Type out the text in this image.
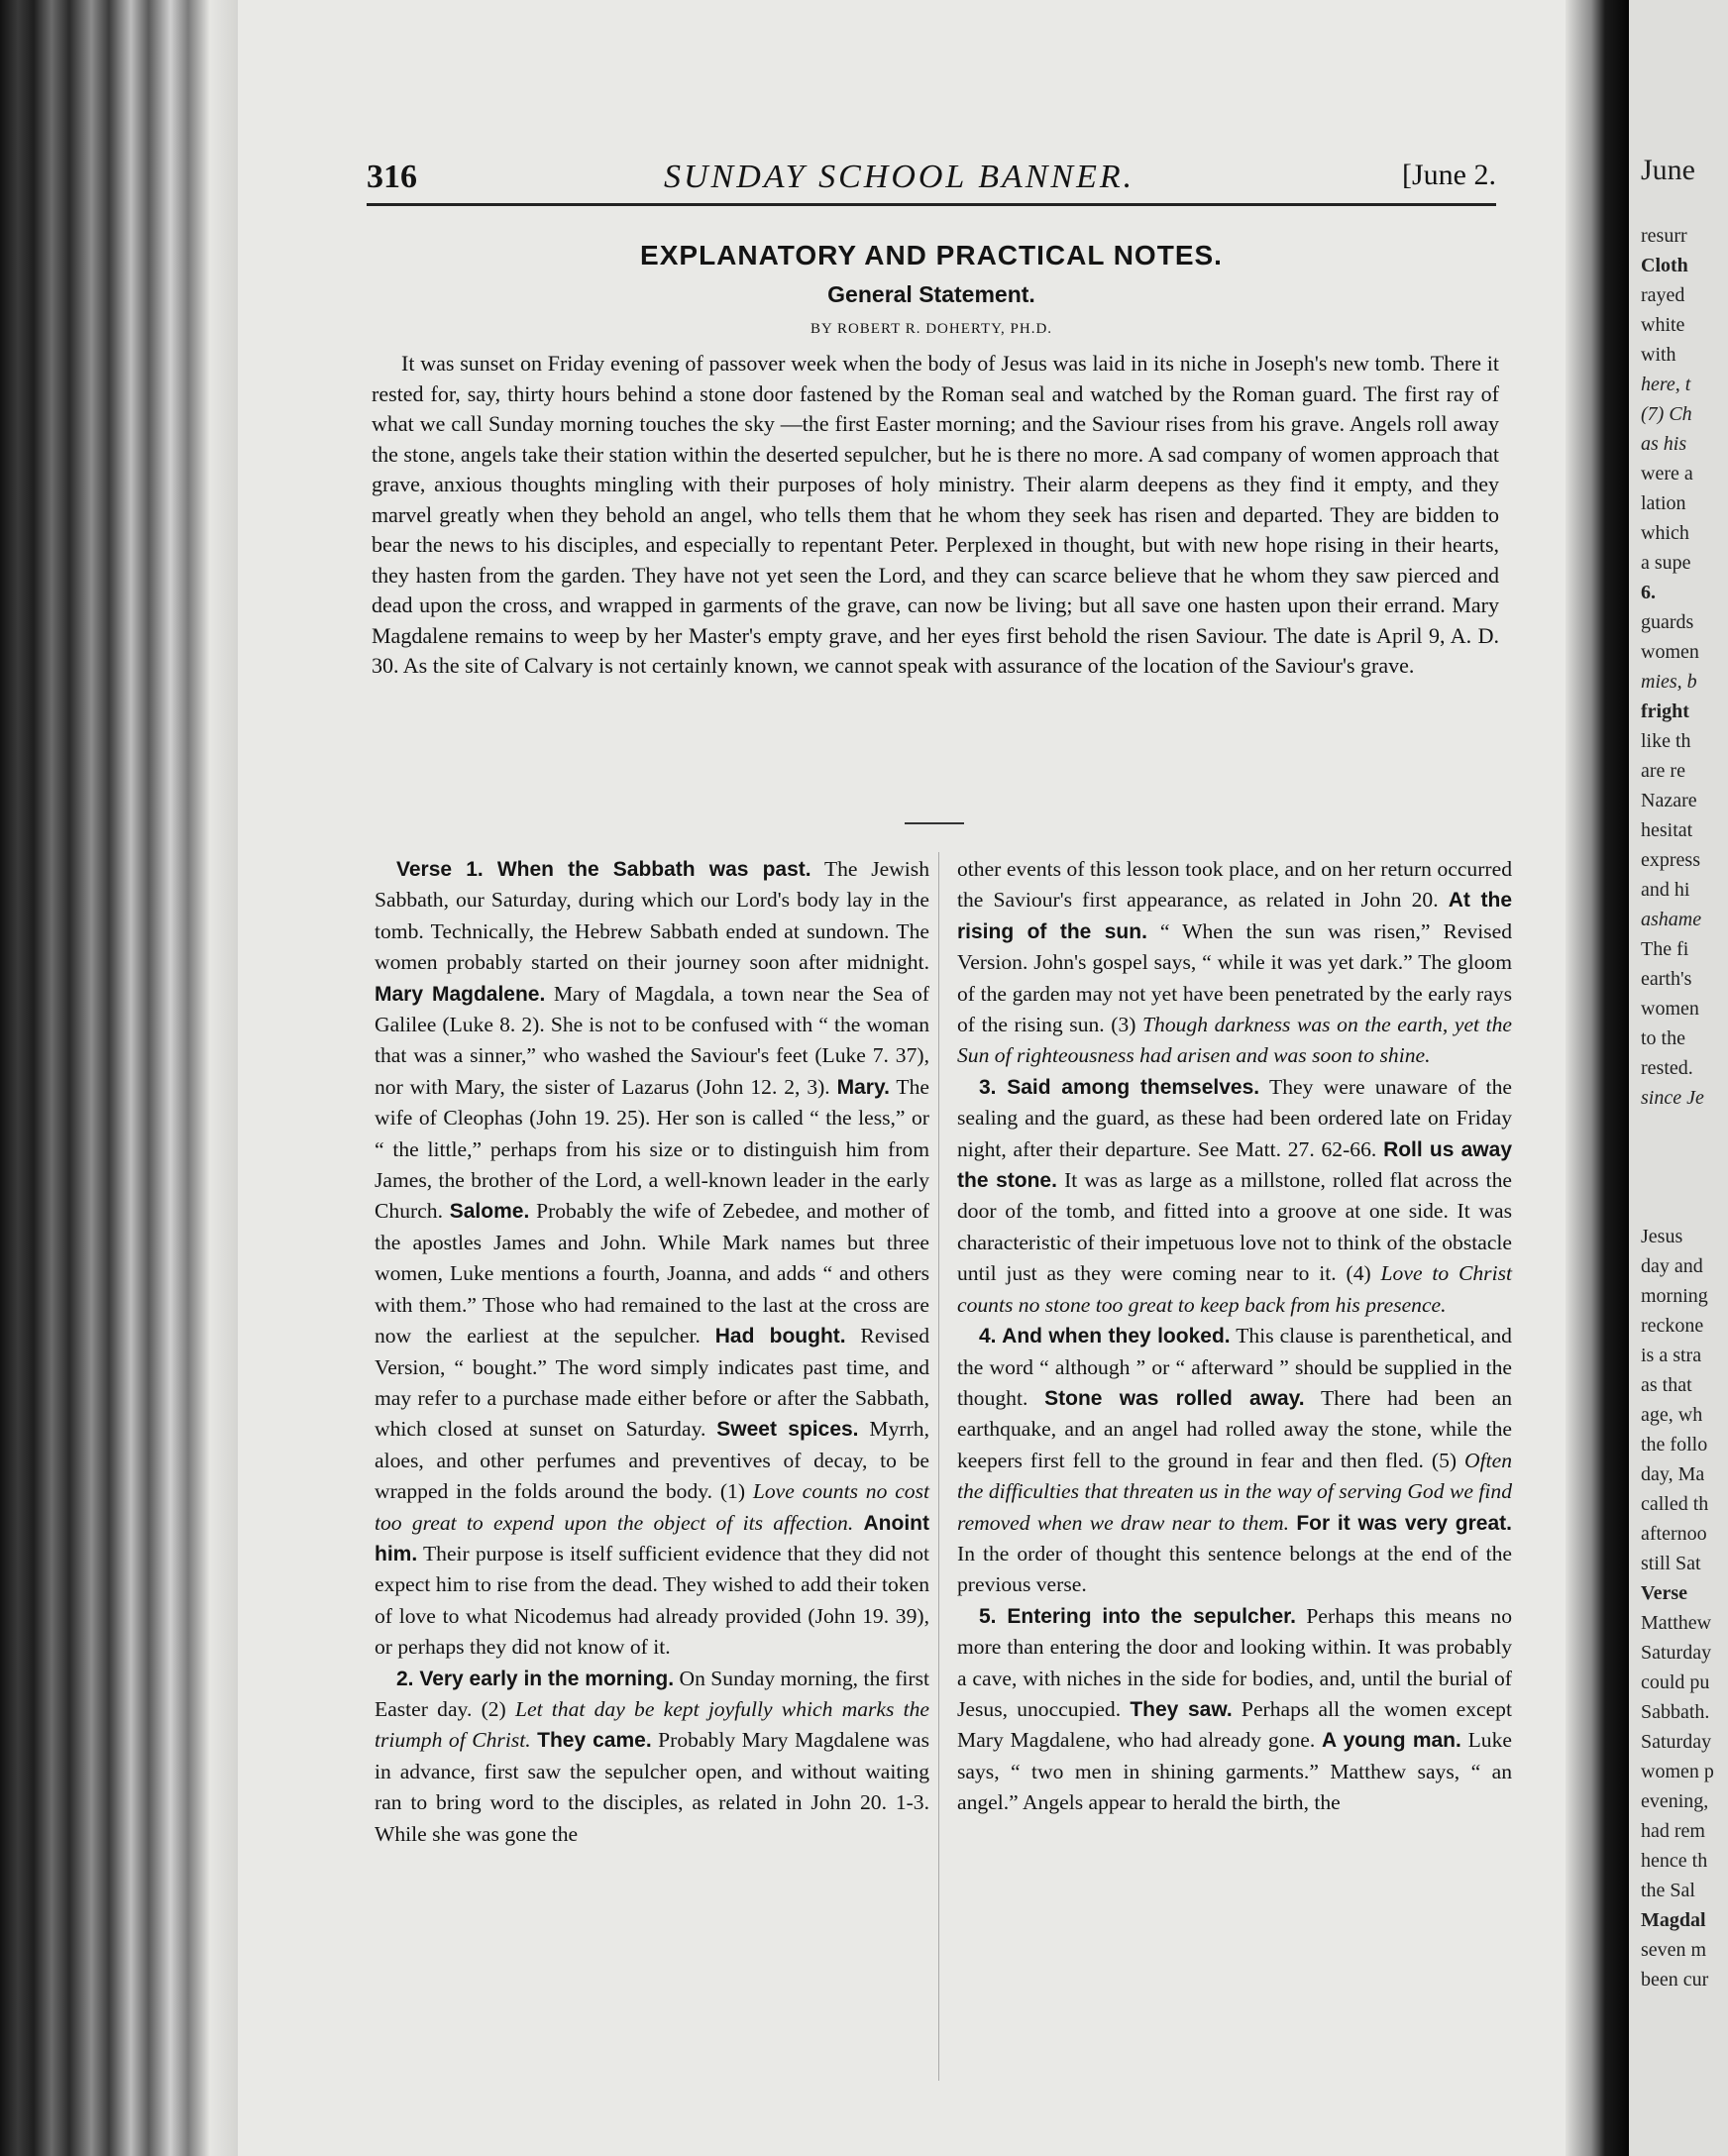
June
resurr
Cloth
rayed
white
with
here, t
(7) Ch
as his
were a
lation
which
a supe
6.
guards
women
mies, b
fright
like th
are re
Nazare
hesitat
express
and hi
ashame
The fi
earth's
women
to the
rested.
since Je
Jesus
day and
morning
reckone
is a stra
as that
age, wh
the follo
day, Ma
called th
afternoo
still Sat
Verse
Matthew
Saturday
could pu
Sabbath.
Saturday
women p
evening,
had rem
hence th
the Sal
Magdal
seven m
been cur
316	SUNDAY SCHOOL BANNER.	[June 2.
EXPLANATORY AND PRACTICAL NOTES.
General Statement.
BY ROBERT R. DOHERTY, PH.D.
It was sunset on Friday evening of passover week when the body of Jesus was laid in its niche in Joseph's new tomb. There it rested for, say, thirty hours behind a stone door fastened by the Roman seal and watched by the Roman guard. The first ray of what we call Sunday morning touches the sky —the first Easter morning; and the Saviour rises from his grave. Angels roll away the stone, angels take their station within the deserted sepulcher, but he is there no more. A sad company of women approach that grave, anxious thoughts mingling with their purposes of holy ministry. Their alarm deepens as they find it empty, and they marvel greatly when they behold an angel, who tells them that he whom they seek has risen and departed. They are bidden to bear the news to his disciples, and especially to repentant Peter. Perplexed in thought, but with new hope rising in their hearts, they hasten from the garden. They have not yet seen the Lord, and they can scarce believe that he whom they saw pierced and dead upon the cross, and wrapped in garments of the grave, can now be living; but all save one hasten upon their errand. Mary Magdalene remains to weep by her Master's empty grave, and her eyes first behold the risen Saviour. The date is April 9, A. D. 30. As the site of Calvary is not certainly known, we cannot speak with assurance of the location of the Saviour's grave.

Verse 1. When the Sabbath was past. The Jewish Sabbath, our Saturday, during which our Lord's body lay in the tomb. Technically, the Hebrew Sabbath ended at sundown. The women probably started on their journey soon after midnight. Mary Magdalene. Mary of Magdala, a town near the Sea of Galilee (Luke 8. 2). She is not to be confused with “ the woman that was a sinner,” who washed the Saviour's feet (Luke 7. 37), nor with Mary, the sister of Lazarus (John 12. 2, 3). Mary. The wife of Cleophas (John 19. 25). Her son is called “ the less,” or “ the little,” perhaps from his size or to distinguish him from James, the brother of the Lord, a well-known leader in the early Church. Salome. Probably the wife of Zebedee, and mother of the apostles James and John. While Mark names but three women, Luke mentions a fourth, Joanna, and adds “ and others with them.” Those who had remained to the last at the cross are now the earliest at the sepulcher. Had bought. Revised Version, “ bought.” The word simply indicates past time, and may refer to a purchase made either before or after the Sabbath, which closed at sunset on Saturday. Sweet spices. Myrrh, aloes, and other perfumes and preventives of decay, to be wrapped in the folds around the body. (1) Love counts no cost too great to expend upon the object of its affection. Anoint him. Their purpose is itself sufficient evidence that they did not expect him to rise from the dead. They wished to add their token of love to what Nicodemus had already provided (John 19. 39), or perhaps they did not know of it.

2. Very early in the morning. On Sunday morning, the first Easter day. (2) Let that day be kept joyfully which marks the triumph of Christ. They came. Probably Mary Magdalene was in advance, first saw the sepulcher open, and without waiting ran to bring word to the disciples, as related in John 20. 1-3. While she was gone the

other events of this lesson took place, and on her return occurred the Saviour's first appearance, as related in John 20. At the rising of the sun. “ When the sun was risen,” Revised Version. John's gospel says, “ while it was yet dark.” The gloom of the garden may not yet have been penetrated by the early rays of the rising sun. (3) Though darkness was on the earth, yet the Sun of righteousness had arisen and was soon to shine.

3. Said among themselves. They were unaware of the sealing and the guard, as these had been ordered late on Friday night, after their departure. See Matt. 27. 62-66. Roll us away the stone. It was as large as a millstone, rolled flat across the door of the tomb, and fitted into a groove at one side. It was characteristic of their impetuous love not to think of the obstacle until just as they were coming near to it. (4) Love to Christ counts no stone too great to keep back from his presence.

4. And when they looked. This clause is parenthetical, and the word “ although ” or “ afterward ” should be supplied in the thought. Stone was rolled away. There had been an earthquake, and an angel had rolled away the stone, while the keepers first fell to the ground in fear and then fled. (5) Often the difficulties that threaten us in the way of serving God we find removed when we draw near to them. For it was very great. In the order of thought this sentence belongs at the end of the previous verse.

5. Entering into the sepulcher. Perhaps this means no more than entering the door and looking within. It was probably a cave, with niches in the side for bodies, and, until the burial of Jesus, unoccupied. They saw. Perhaps all the women except Mary Magdalene, who had already gone. A young man. Luke says, “ two men in shining garments.” Matthew says, “ an angel.” Angels appear to herald the birth, the
